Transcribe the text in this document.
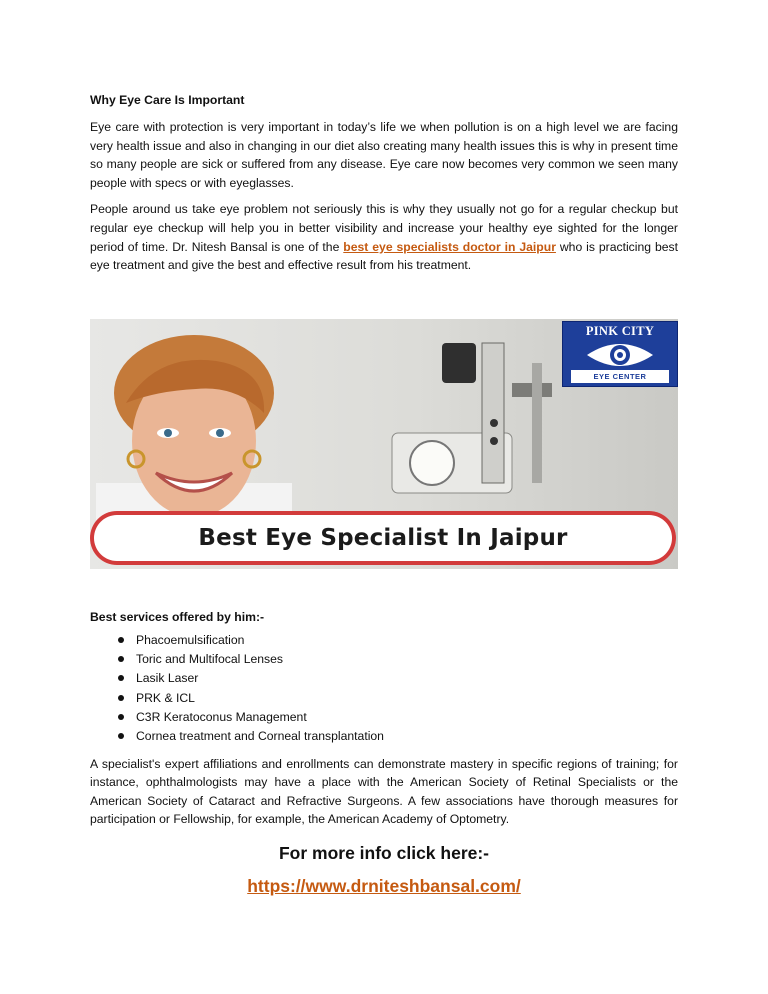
Why Eye Care Is Important

Eye care with protection is very important in today’s life we when pollution is on a high level we are facing very health issue and also in changing in our diet also creating many health issues this is why in present time so many people are sick or suffered from any disease. Eye care now becomes very common we seen many people with specs or with eyeglasses.

People around us take eye problem not seriously this is why they usually not go for a regular checkup but regular eye checkup will help you in better visibility and increase your healthy eye sighted for the longer period of time. Dr. Nitesh Bansal is one of the best eye specialists doctor in Jaipur who is practicing best eye treatment and give the best and effective result from his treatment.

PINK CITY
EYE CENTER
Best Eye Specialist In Jaipur
Best services offered by him:-
Phacoemulsification
Toric and Multifocal Lenses
Lasik Laser
PRK & ICL
C3R Keratoconus Management
Cornea treatment and Corneal transplantation

A specialist's expert affiliations and enrollments can demonstrate mastery in specific regions of training; for instance, ophthalmologists may have a place with the American Society of Retinal Specialists or the American Society of Cataract and Refractive Surgeons. A few associations have thorough measures for participation or Fellowship, for example, the American Academy of Optometry.

For more info click here:-
https://www.drniteshbansal.com/
